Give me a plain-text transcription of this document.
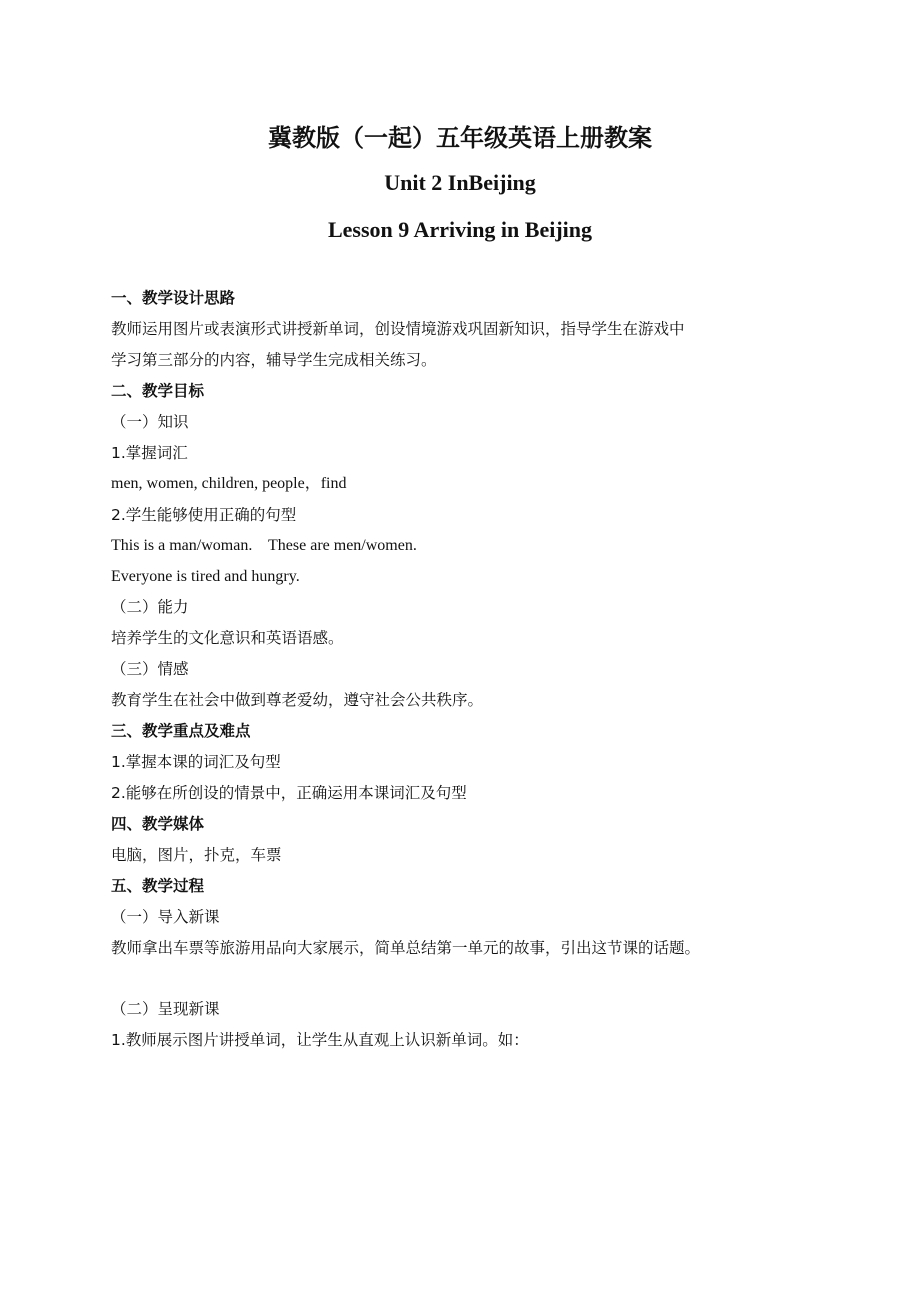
冀教版（一起）五年级英语上册教案
Unit 2 InBeijing
Lesson 9 Arriving in Beijing

一、教学设计思路

教师运用图片或表演形式讲授新单词，创设情境游戏巩固新知识，指导学生在游戏中

学习第三部分的内容，辅导学生完成相关练习。

二、教学目标

（一）知识

1.掌握词汇

men, women, children, people，find

2.学生能够使用正确的句型

This is a man/woman.    These are men/women.

Everyone is tired and hungry.

（二）能力

培养学生的文化意识和英语语感。

（三）情感

教育学生在社会中做到尊老爱幼，遵守社会公共秩序。

三、教学重点及难点

1.掌握本课的词汇及句型

2.能够在所创设的情景中，正确运用本课词汇及句型

四、教学媒体

电脑，图片，扑克，车票

五、教学过程

（一）导入新课

教师拿出车票等旅游用品向大家展示，简单总结第一单元的故事，引出这节课的话题。

（二）呈现新课

1.教师展示图片讲授单词，让学生从直观上认识新单词。如：
